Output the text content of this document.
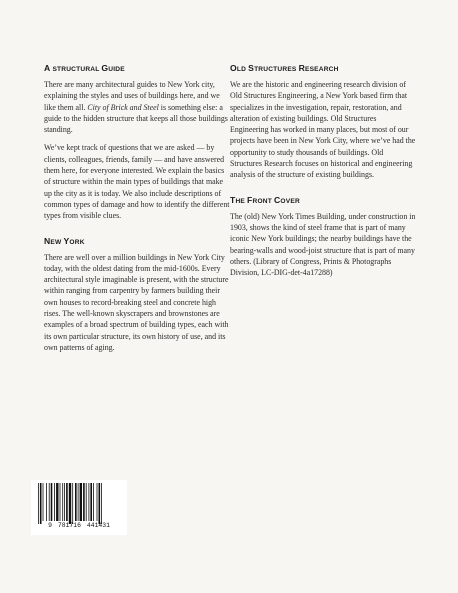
A STRUCTURAL GUIDE

There are many architectural guides to New York city, explaining the styles and uses of buildings here, and we like them all. City of Brick and Steel is something else: a guide to the hidden structure that keeps all those buildings standing.

We’ve kept track of questions that we are asked — by clients, colleagues, friends, family — and have answered them here, for everyone interested. We explain the basics of structure within the main types of buildings that make up the city as it is today. We also include descriptions of common types of damage and how to identify the different types from visible clues.

NEW YORK

There are well over a million buildings in New York City today, with the oldest dating from the mid-1600s. Every architectural style imaginable is present, with the structure within ranging from carpentry by farmers building their own houses to record-breaking steel and concrete high rises. The well-known skyscrapers and brownstones are examples of a broad spectrum of building types, each with its own particular structure, its own history of use, and its own patterns of aging.

OLD STRUCTURES RESEARCH

We are the historic and engineering research division of Old Structures Engineering, a New York based firm that specializes in the investigation, repair, restoration, and alteration of existing buildings. Old Structures Engineering has worked in many places, but most of our projects have been in New York City, where we’ve had the opportunity to study thousands of buildings. Old Structures Research focuses on historical and engineering analysis of the structure of existing buildings.

THE FRONT COVER

The (old) New York Times Building, under construction in 1903, shows the kind of steel frame that is part of many iconic New York buildings; the nearby buildings have the bearing-walls and wood-joist structure that is part of many others. (Library of Congress, Prints & Photographs Division, LC-DIG-det-4a17288)

9 781716 441431
